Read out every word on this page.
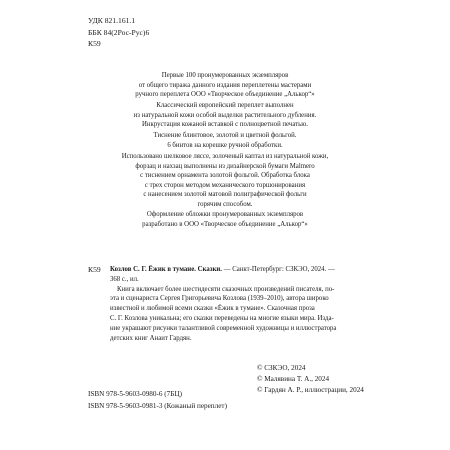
УДК 821.161.1
ББК 84(2Рос-Рус)6
К59
Первые 100 пронумерованных экземпляров
от общего тиража данного издания переплетены мастерами
ручного переплета ООО «Творческое объединение „Алькор“»
Классический европейский переплет выполнен
из натуральной кожи особой выделки растительного дубления.
Инкрустация кожаной вставкой с полноцветной печатью.
Тиснение блинтовое, золотой и цветной фольгой.
6 бинтов на корешке ручной обработки.
Использовано шелковое ляссе, золоченый каптал из натуральной кожи,
форзац и нахзац выполнены из дизайнерской бумаги Malmero
с тиснением орнамента золотой фольгой. Обработка блока
с трех сторон методом механического торшонирования
с нанесением золотой матовой полиграфической фольги
горячим способом.
Оформление обложки пронумерованных экземпляров
разработано в ООО «Творческое объединение „Алькор“»
К59 Козлов С. Г. Ёжик в тумане. Сказки. — Санкт-Петербург: СЗКЭО, 2024. —
368 с., ил.
Книга включает более шестидесяти сказочных произведений писателя, по-
эта и сценариста Сергея Григорьевича Козлова (1939–2010), автора широко
известной и любимой всеми сказки «Ёжик в тумане». Сказочная проза
С. Г. Козлова уникальна; его сказки переведены на многие языки мира. Изда-
ние украшают рисунки талантливой современной художницы и иллюстратора
детских книг Анаит Гардян.
© СЗКЭО, 2024
© Малявина Т. А., 2024
© Гардян А. Р., иллюстрации, 2024
ISBN 978-5-9603-0980-6 (7БЦ)
ISBN 978-5-9603-0981-3 (Кожаный переплет)
